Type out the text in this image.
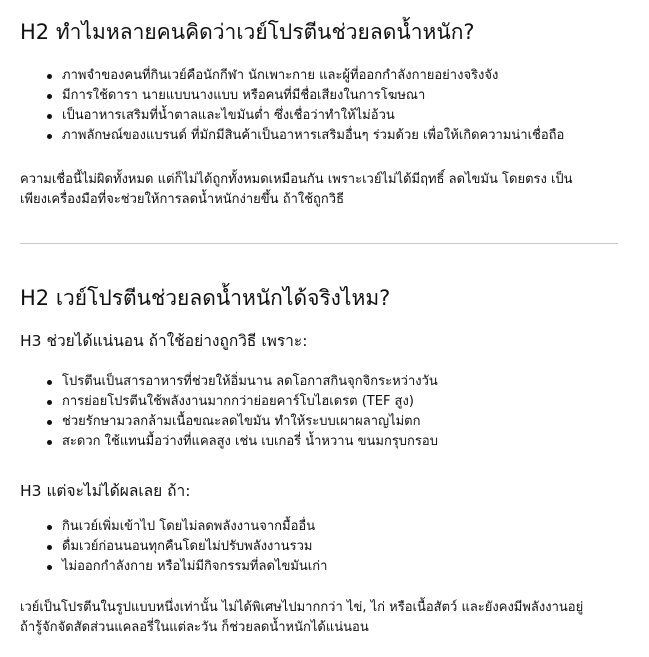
H2 ทำไมหลายคนคิดว่าเวย์โปรตีนช่วยลดน้ำหนัก?
ภาพจำของคนที่กินเวย์คือนักกีฬา นักเพาะกาย และผู้ที่ออกกำลังกายอย่างจริงจัง
มีการใช้ดารา นายแบบนางแบบ หรือคนที่มีชื่อเสียงในการโฆษณา
เป็นอาหารเสริมที่น้ำตาลและไขมันต่ำ ซึ่งเชื่อว่าทำให้ไม่อ้วน
ภาพลักษณ์ของแบรนด์ ที่มักมีสินค้าเป็นอาหารเสริมอื่นๆ ร่วมด้วย เพื่อให้เกิดความน่าเชื่อถือ

ความเชื่อนี้ไม่ผิดทั้งหมด แต่ก็ไม่ได้ถูกทั้งหมดเหมือนกัน เพราะเวย์ไม่ได้มีฤทธิ์ ลดไขมัน โดยตรง เป็น

เพียงเครื่องมือที่จะช่วยให้การลดน้ำหนักง่ายขึ้น ถ้าใช้ถูกวิธี

H2 เวย์โปรตีนช่วยลดน้ำหนักได้จริงไหม?
H3 ช่วยได้แน่นอน ถ้าใช้อย่างถูกวิธี เพราะ:
โปรตีนเป็นสารอาหารที่ช่วยให้อิ่มนาน ลดโอกาสกินจุกจิกระหว่างวัน
การย่อยโปรตีนใช้พลังงานมากกว่าย่อยคาร์โบไฮเดรต (TEF สูง)
ช่วยรักษามวลกล้ามเนื้อขณะลดไขมัน ทำให้ระบบเผาผลาญไม่ตก
สะดวก ใช้แทนมื้อว่างที่แคลสูง เช่น เบเกอรี่ น้ำหวาน ขนมกรุบกรอบ
H3 แต่จะไม่ได้ผลเลย ถ้า:
กินเวย์เพิ่มเข้าไป โดยไม่ลดพลังงานจากมื้ออื่น
ดื่มเวย์ก่อนนอนทุกคืนโดยไม่ปรับพลังงานรวม
ไม่ออกกำลังกาย หรือไม่มีกิจกรรมที่ลดไขมันเก่า

เวย์เป็นโปรตีนในรูปแบบหนึ่งเท่านั้น ไม่ได้พิเศษไปมากกว่า ไข่, ไก่ หรือเนื้อสัตว์ และยังคงมีพลังงานอยู่

ถ้ารู้จักจัดสัดส่วนแคลอรี่ในแต่ละวัน ก็ช่วยลดน้ำหนักได้แน่นอน
